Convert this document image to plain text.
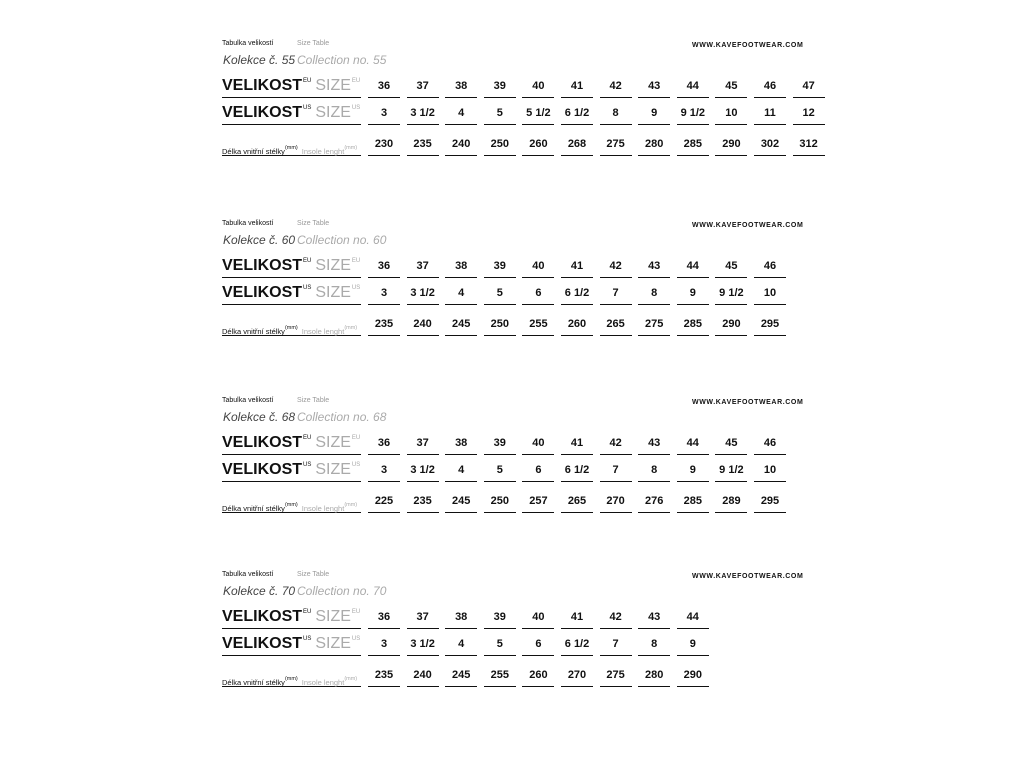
Tabulka velikostí	Size Table	WWW.KAVEFOOTWEAR.COM
Kolekce č. 55 Collection no. 55
$VELIKOST^{EU}$ $SIZE^{EU}$	36	37	38	39	40	41	42	43	44	45	46	47
$VELIKOST^{US}$ $SIZE^{US}$	3	3 1/2	4	5	5 1/2	6 1/2	8	9	9 1/2	10	11	12
Délka vnitřní stélky$^{(mm)}$ Insole lenght$^{(mm)}$	230	235	240	250	260	268	275	280	285	290	302	312
Tabulka velikostí	Size Table	WWW.KAVEFOOTWEAR.COM
Kolekce č. 60 Collection no. 60
$VELIKOST^{EU}$ $SIZE^{EU}$	36	37	38	39	40	41	42	43	44	45	46
$VELIKOST^{US}$ $SIZE^{US}$	3	3 1/2	4	5	6	6 1/2	7	8	9	9 1/2	10
Délka vnitřní stélky$^{(mm)}$ Insole lenght$^{(mm)}$	235	240	245	250	255	260	265	275	285	290	295
Tabulka velikostí	Size Table	WWW.KAVEFOOTWEAR.COM
Kolekce č. 68 Collection no. 68
$VELIKOST^{EU}$ $SIZE^{EU}$	36	37	38	39	40	41	42	43	44	45	46
$VELIKOST^{US}$ $SIZE^{US}$	3	3 1/2	4	5	6	6 1/2	7	8	9	9 1/2	10
Délka vnitřní stélky$^{(mm)}$ Insole lenght$^{(mm)}$	225	235	245	250	257	265	270	276	285	289	295
Tabulka velikostí	Size Table	WWW.KAVEFOOTWEAR.COM
Kolekce č. 70 Collection no. 70
$VELIKOST^{EU}$ $SIZE^{EU}$	36	37	38	39	40	41	42	43	44
$VELIKOST^{US}$ $SIZE^{US}$	3	3 1/2	4	5	6	6 1/2	7	8	9
Délka vnitřní stélky$^{(mm)}$ Insole lenght$^{(mm)}$	235	240	245	255	260	270	275	280	290
